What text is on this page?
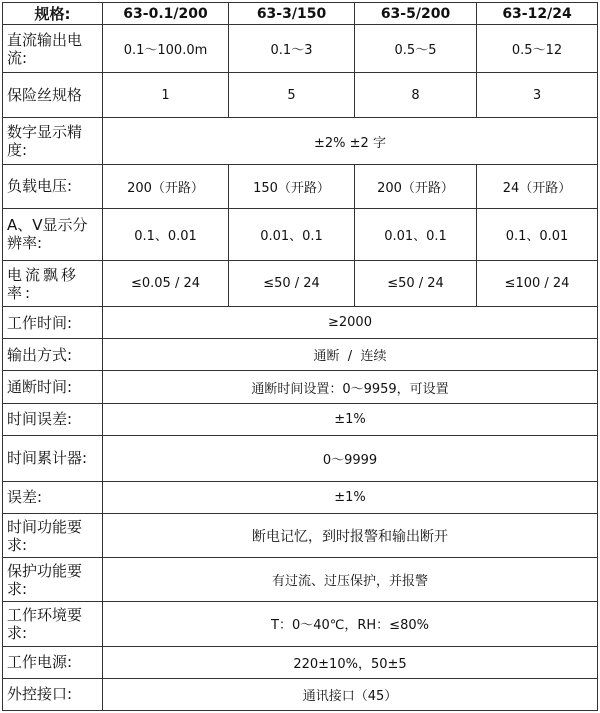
规格:	63-0.1/200	63-3/150	63-5/200	63-12/24
直流输出电流:	0.1～100.0m	0.1～3	0.5～5	0.5～12
保险丝规格	1	5	8	3
数字显示精度:	±2% ±2 字			
负载电压:	200（开路）	150（开路）	200（开路）	24（开路）
A、V显示分辨率:	0.1、0.01	0.01、0.1	0.01、0.1	0.1、0.01
电流飘移率:	≤0.05 / 24	≤50 / 24	≤50 / 24	≤100 / 24
工作时间:	≥2000			
输出方式:	通断  /  连续			
通断时间:	通断时间设置：0～9959，可设置			
时间误差:	±1%			
时间累计器:	0～9999			
误差:	±1%			
时间功能要求:	断电记忆，到时报警和输出断开			
保护功能要求:	有过流、过压保护，并报警			
工作环境要求:	T：0～40℃，RH：≤80%			
工作电源:	220±10%，50±5			
外控接口:	通讯接口（45）			
